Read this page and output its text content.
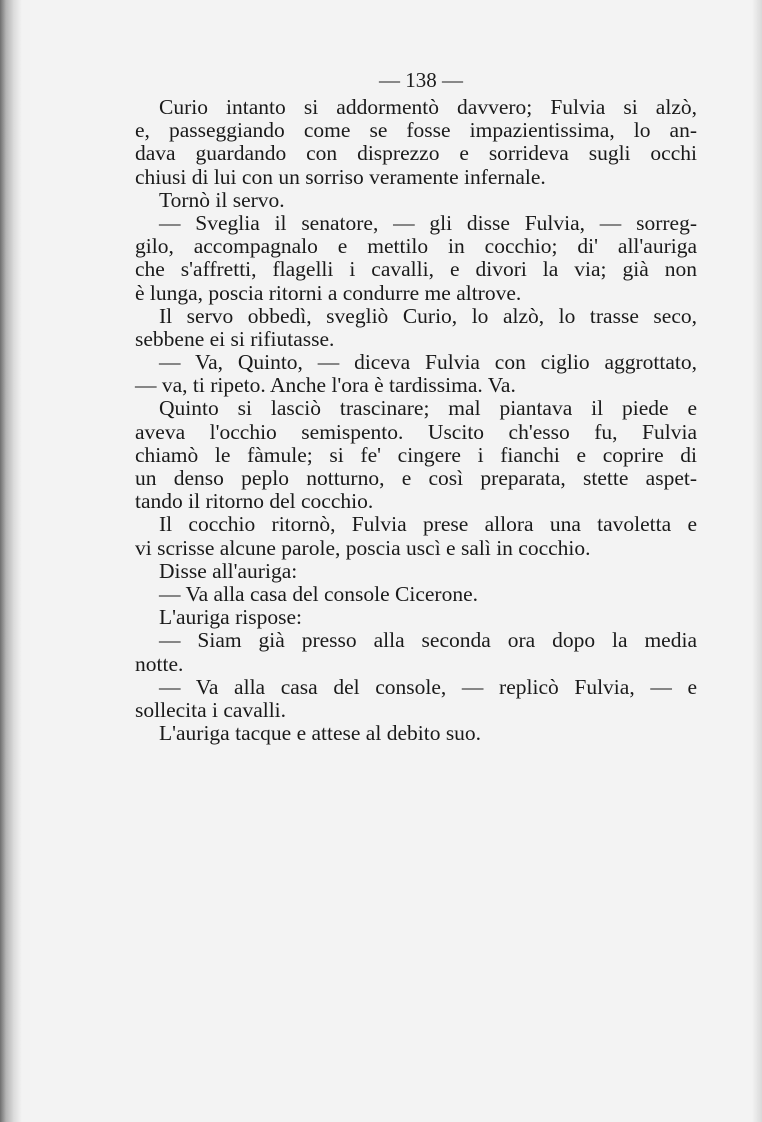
— 138 —
Curio intanto si addormentò davvero; Fulvia si alzò,
e, passeggiando come se fosse impazientissima, lo an-
dava guardando con disprezzo e sorrideva sugli occhi
chiusi di lui con un sorriso veramente infernale.
Tornò il servo.
— Sveglia il senatore, — gli disse Fulvia, — sorreg-
gilo, accompagnalo e mettilo in cocchio; di' all'auriga
che s'affretti, flagelli i cavalli, e divori la via; già non
è lunga, poscia ritorni a condurre me altrove.
Il servo obbedì, svegliò Curio, lo alzò, lo trasse seco,
sebbene ei si rifiutasse.
— Va, Quinto, — diceva Fulvia con ciglio aggrottato,
— va, ti ripeto. Anche l'ora è tardissima. Va.
Quinto si lasciò trascinare; mal piantava il piede e
aveva l'occhio semispento. Uscito ch'esso fu, Fulvia
chiamò le fàmule; si fe' cingere i fianchi e coprire di
un denso peplo notturno, e così preparata, stette aspet-
tando il ritorno del cocchio.
Il cocchio ritornò, Fulvia prese allora una tavoletta e
vi scrisse alcune parole, poscia uscì e salì in cocchio.
Disse all'auriga:
— Va alla casa del console Cicerone.
L'auriga rispose:
— Siam già presso alla seconda ora dopo la media
notte.
— Va alla casa del console, — replicò Fulvia, — e
sollecita i cavalli.
L'auriga tacque e attese al debito suo.
